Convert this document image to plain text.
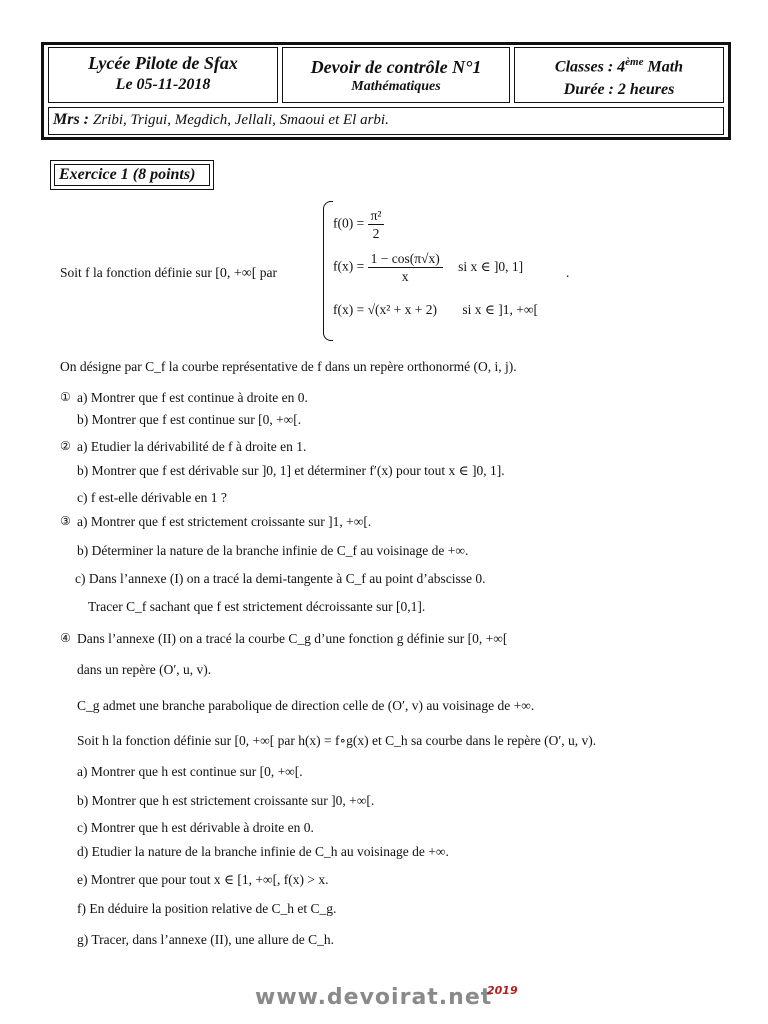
Lycée Pilote de Sfax
Le 05-11-2018
Devoir de contrôle N°1
Mathématiques
Classes : 4ème Math
Durée : 2 heures
Mrs : Zribi, Trigui, Megdich, Jellali, Smaoui et El arbi.
Exercice 1 (8 points)
Soit f la fonction définie sur [0, +∞[ par
$f(0) = \frac{\text{π²}}{2}$
$f(x) = \frac{1 - \cos(\pi√x)}{x}$ si x ∈ ]0, 1]	.
f(x) = √(x² + x + 2) si x ∈ ]1, +∞[
On désigne par C_f la courbe représentative de f dans un repère orthonormé (O, i, j).
① a) Montrer que f est continue à droite en 0.
b) Montrer que f est continue sur [0, +∞[.
② a) Etudier la dérivabilité de f à droite en 1.
b) Montrer que f est dérivable sur ]0, 1] et déterminer f′(x) pour tout x ∈ ]0, 1].
c) f est-elle dérivable en 1 ?
③ a) Montrer que f est strictement croissante sur ]1, +∞[.
b) Déterminer la nature de la branche infinie de C_f au voisinage de +∞.
c) Dans l’annexe (I) on a tracé la demi-tangente à C_f au point d’abscisse 0.
Tracer C_f sachant que f est strictement décroissante sur [0,1].
④ Dans l’annexe (II) on a tracé la courbe C_g d’une fonction g définie sur [0, +∞[
dans un repère (O′, u, v).
C_g admet une branche parabolique de direction celle de (O′, v) au voisinage de +∞.
Soit h la fonction définie sur [0, +∞[ par h(x) = f∘g(x) et C_h sa courbe dans le repère (O′, u, v).
a) Montrer que h est continue sur [0, +∞[.
b) Montrer que h est strictement croissante sur ]0, +∞[.
c) Montrer que h est dérivable à droite en 0.
d) Etudier la nature de la branche infinie de C_h au voisinage de +∞.
e) Montrer que pour tout x ∈ [1, +∞[, f(x) > x.
f) En déduire la position relative de C_h et C_g.
g) Tracer, dans l’annexe (II), une allure de C_h.
www.devoirat.net
2019
